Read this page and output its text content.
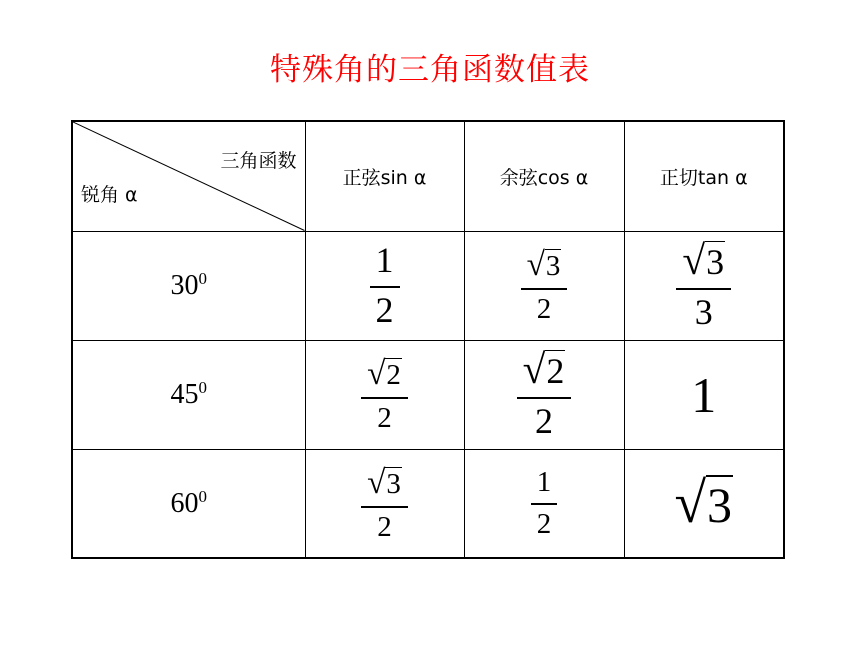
特殊角的三角函数值表
三角函数
锐角 α	正弦sin α	余弦cos α	正切tan α
$30^0$	$\frac{1}{2}$	$\frac{√3}{2}$	$\frac{√3}{3}$

$45^0$	$\frac{√2}{2}$	$\frac{√2}{2}$	1
$60^0$	$\frac{√3}{2}$	$\frac{1}{2}$	√3
